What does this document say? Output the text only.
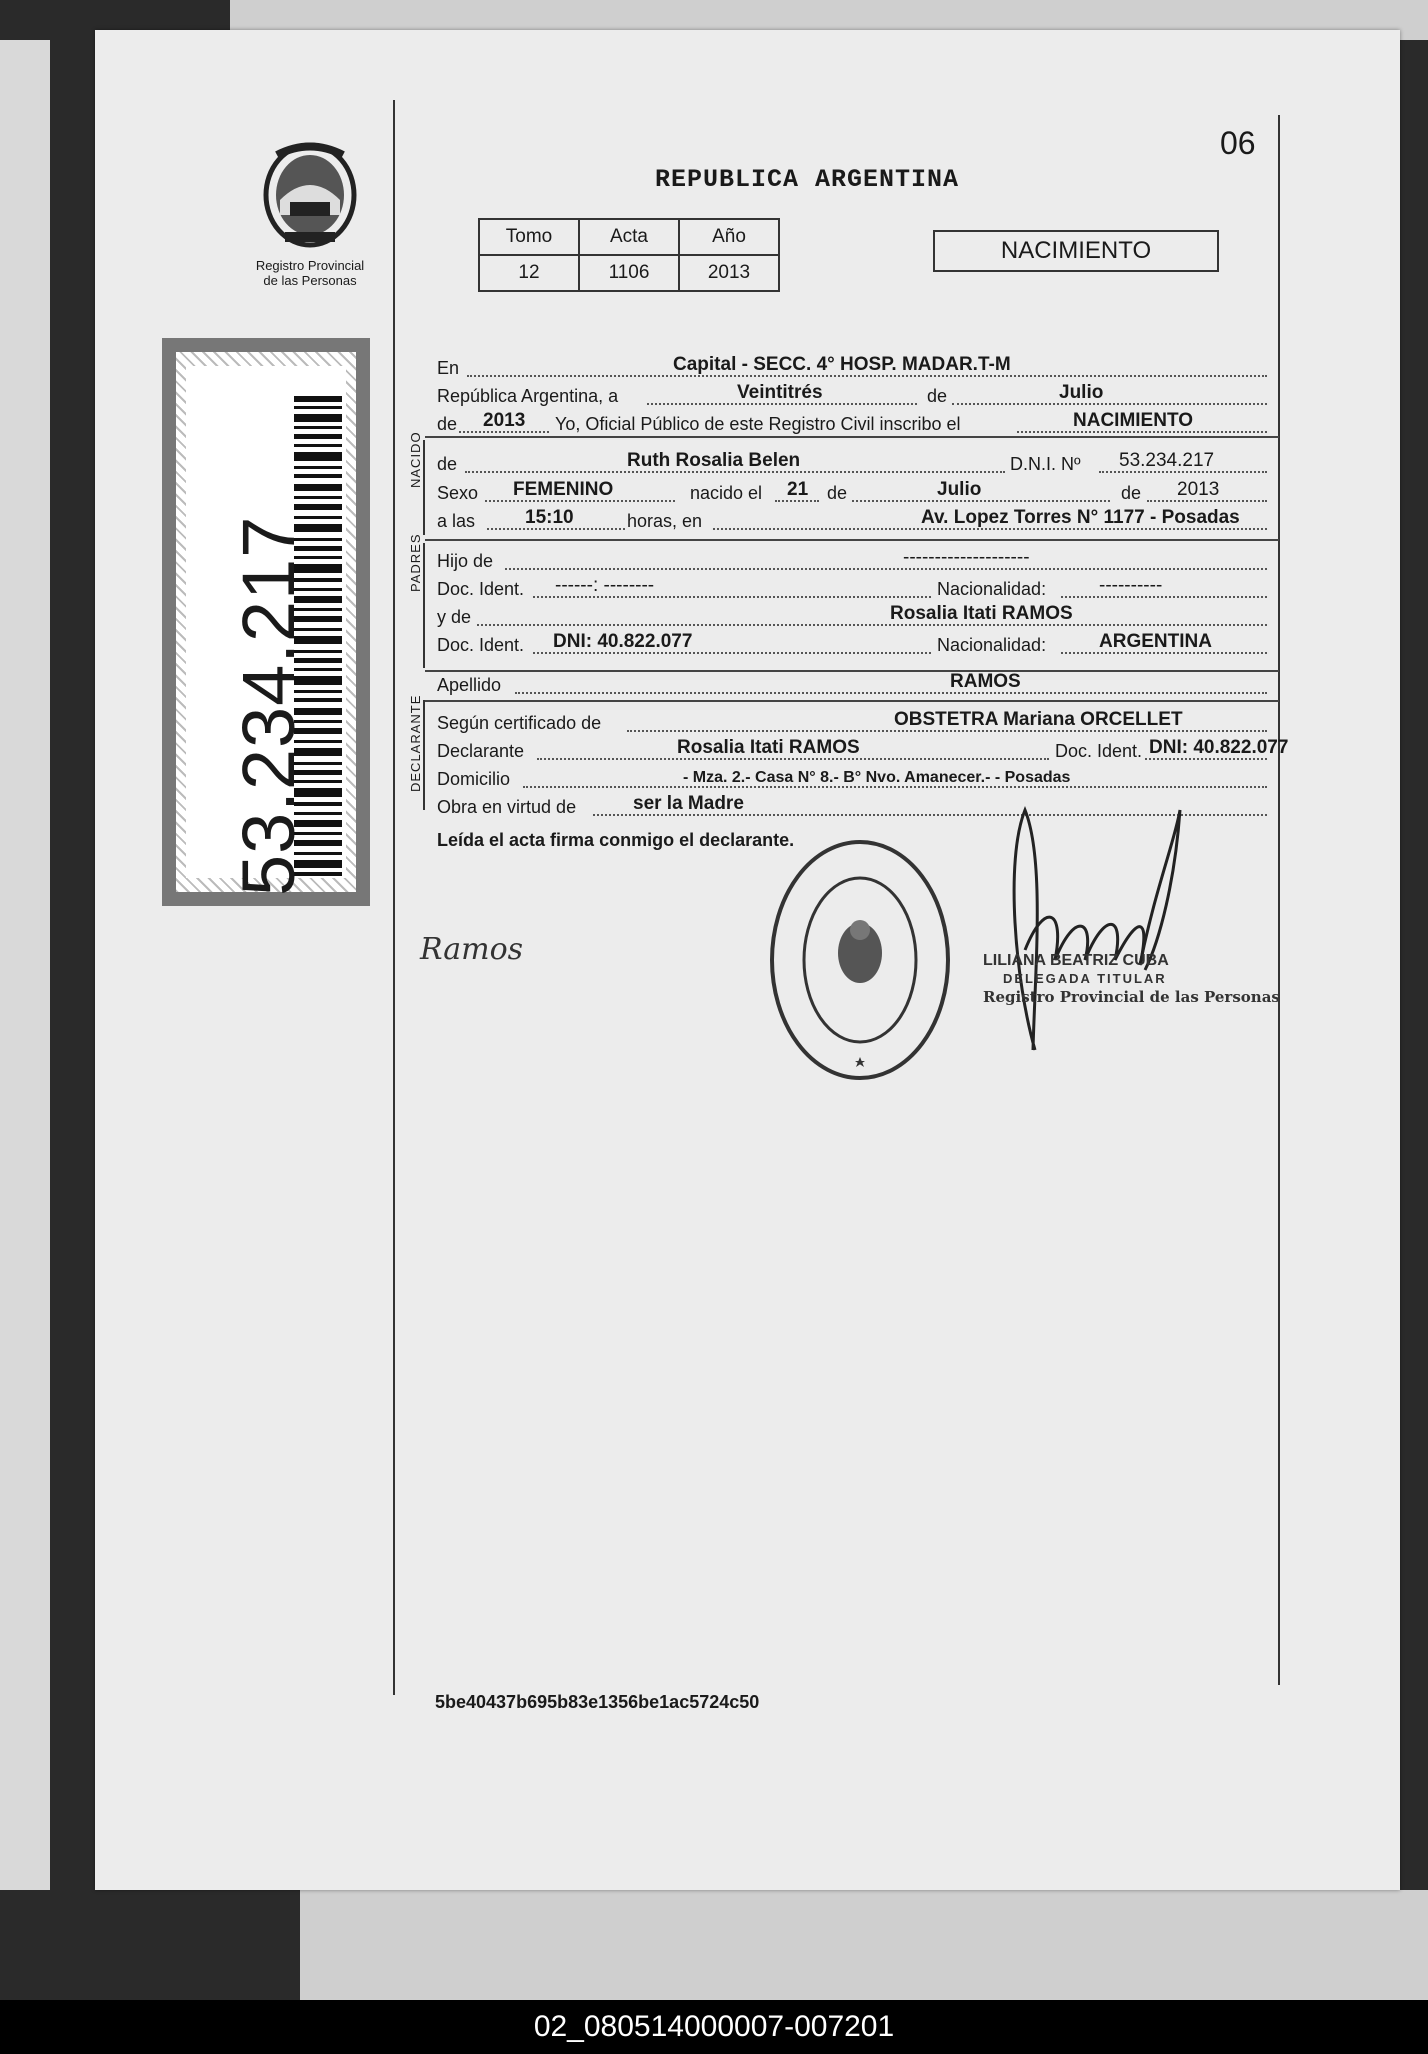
06
Registro Provincial
de las Personas
53.234.217
REPUBLICA ARGENTINA
Tomo	Acta	Año
12	1106	2013
NACIMIENTO
NACIDO
PADRES
DECLARANTE
En	Capital - SECC. 4° HOSP. MADAR.T-M
República Argentina, a	Veintitrés	de	Julio
de 2013 Yo, Oficial Público de este Registro Civil inscribo el	NACIMIENTO
de	Ruth Rosalia Belen	D.N.I. Nº 53.234.217
Sexo FEMENINO	nacido el 21 de	Julio	de 2013
a las	15:10	horas, en	Av. Lopez Torres N° 1177 - Posadas
Hijo de	--------------------
Doc. Ident. ------: --------	Nacionalidad:	----------
y de	Rosalia Itati RAMOS
Doc. Ident. DNI: 40.822.077	Nacionalidad:	ARGENTINA
Apellido	RAMOS
Según certificado de	OBSTETRA Mariana ORCELLET
Declarante	Rosalia Itati RAMOS	Doc. Ident. DNI: 40.822.077
Domicilio	- Mza. 2.- Casa N° 8.- B° Nvo. Amanecer.- - Posadas
Obra en virtud de	ser la Madre
Leída el acta firma conmigo el declarante.
Ramos	LILIANA BEATRIZ CUBA
DELEGADA TITULAR
Registro Provincial de las Personas
5be40437b695b83e1356be1ac5724c50
02_080514000007-007201
